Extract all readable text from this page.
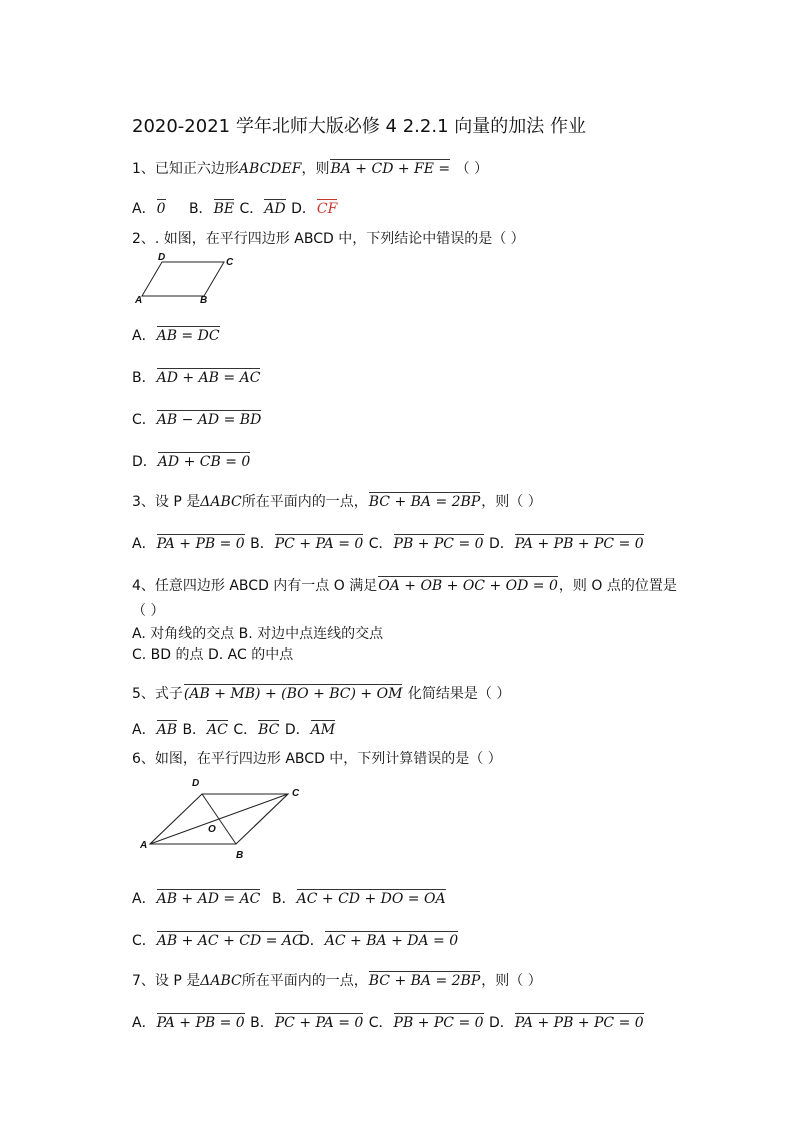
2020-2021 学年北师大版必修 4 2.2.1 向量的加法 作业
1、已知正六边形ABCDEF，则BA + CD + FE = （ ）
A．0 B．BE C．AD D．CF
2、. 如图，在平行四边形 ABCD 中，下列结论中错误的是（ ）
D	C
A	B
A．AB = DC
B．AD + AB = AC
C．AB − AD = BD
D．AD + CB = 0
3、设 P 是ΔABC所在平面内的一点，BC + BA = 2BP，则（ ）
A．PA + PB = 0 B．PC + PA = 0 C．PB + PC = 0 D．PA + PB + PC = 0
4、任意四边形 ABCD 内有一点 O 满足OA + OB + OC + OD = 0，则 O 点的位置是
（ ）
A. 对角线的交点 B. 对边中点连线的交点
C. BD 的点 D. AC 的中点
5、式子(AB + MB) + (BO + BC) + OM 化简结果是（ ）
A．AB B．AC C．BC D．AM
6、如图，在平行四边形 ABCD 中，下列计算错误的是（ ）
D
C
O
A
B
A．AB + AD = AC B．AC + CD + DO = OA
C．AB + AC + CD = AC
D．AC + BA + DA = 0
7、设 P 是ΔABC所在平面内的一点，BC + BA = 2BP，则（ ）
A．PA + PB = 0 B．PC + PA = 0 C．PB + PC = 0 D．PA + PB + PC = 0
